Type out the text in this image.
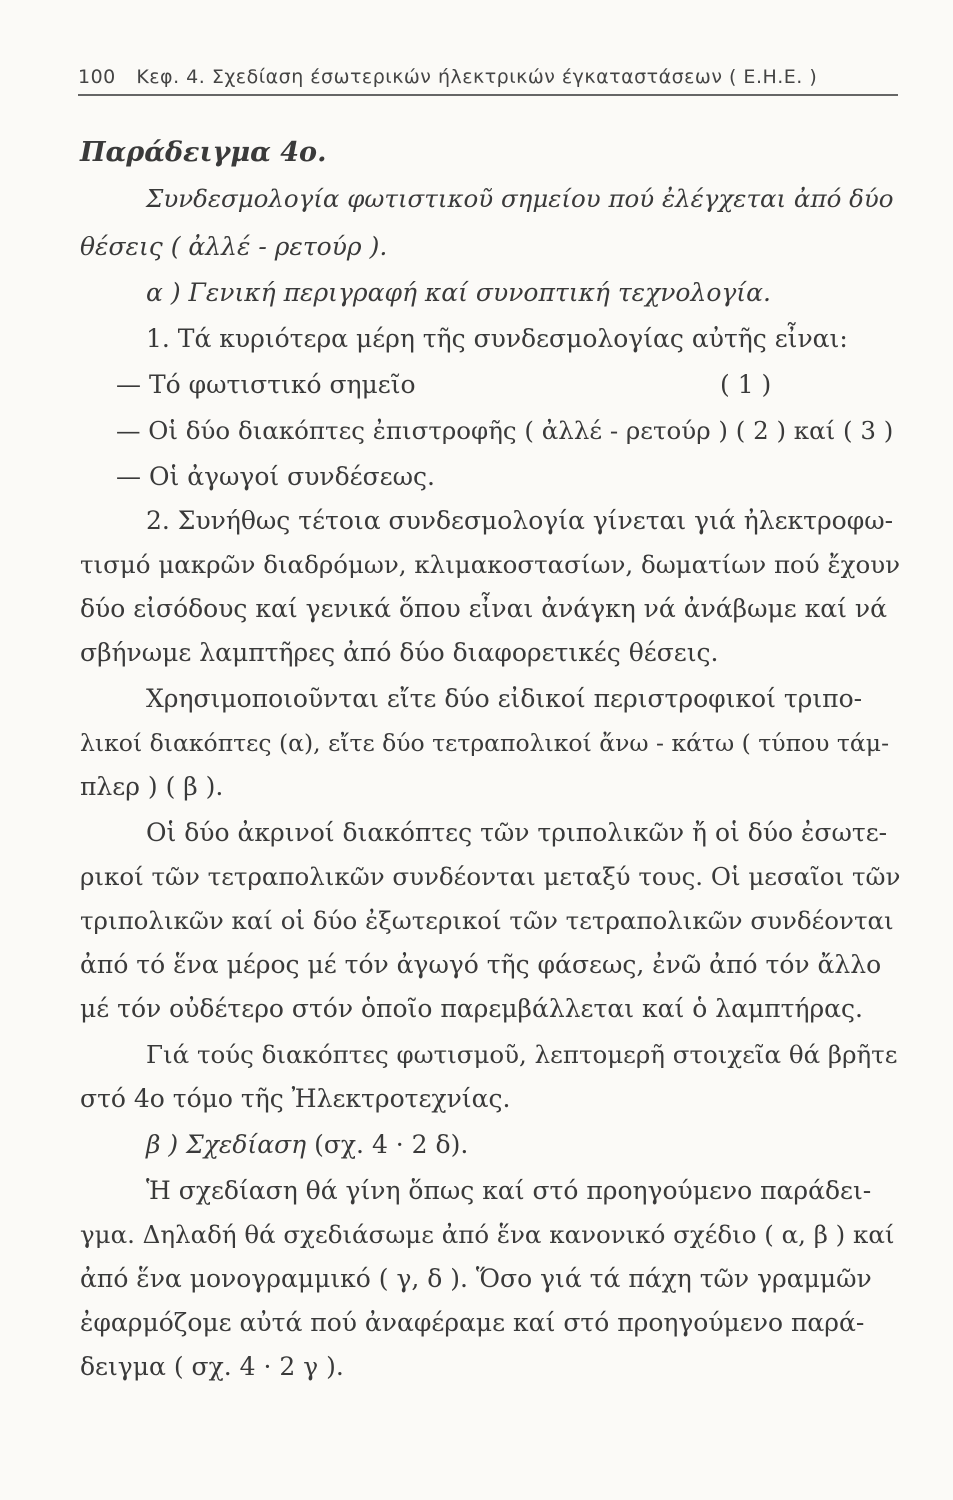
100 Κεφ. 4. Σχεδίαση έσωτερικών ήλεκτρικών έγκαταστάσεων ( Ε.Η.Ε. )
Παράδειγμα 4ο.
Συνδεσμολογία φωτιστικοῦ σημείου πού ἐλέγχεται ἀπό δύο
θέσεις ( ἀλλέ - ρετούρ ).
α ) Γενική περιγραφή καί συνοπτική τεχνολογία.
1. Τά κυριότερα μέρη τῆς συνδεσμολογίας αὐτῆς εἶναι:
— Τό φωτιστικό σημεῖο	( 1 )
— Οἱ δύο διακόπτες ἐπιστροφῆς ( ἀλλέ - ρετούρ ) ( 2 ) καί ( 3 )
— Οἱ ἀγωγοί συνδέσεως.
2. Συνήθως τέτοια συνδεσμολογία γίνεται γιά ἠλεκτροφω-
τισμό μακρῶν διαδρόμων, κλιμακοστασίων, δωματίων πού ἔχουν
δύο εἰσόδους καί γενικά ὅπου εἶναι ἀνάγκη νά ἀνάβωμε καί νά
σβήνωμε λαμπτῆρες ἀπό δύο διαφορετικές θέσεις.
Χρησιμοποιοῦνται εἴτε δύο εἰδικοί περιστροφικοί τριπο-
λικοί διακόπτες (α), εἴτε δύο τετραπολικοί ἄνω - κάτω ( τύπου τάμ-
πλερ ) ( β ).
Οἱ δύο ἀκρινοί διακόπτες τῶν τριπολικῶν ἤ οἱ δύο ἐσωτε-
ρικοί τῶν τετραπολικῶν συνδέονται μεταξύ τους. Οἱ μεσαῖοι τῶν
τριπολικῶν καί οἱ δύο ἐξωτερικοί τῶν τετραπολικῶν συνδέονται
ἀπό τό ἕνα μέρος μέ τόν ἀγωγό τῆς φάσεως, ἐνῶ ἀπό τόν ἄλλο
μέ τόν οὐδέτερο στόν ὁποῖο παρεμβάλλεται καί ὁ λαμπτήρας.
Γιά τούς διακόπτες φωτισμοῦ, λεπτομερῆ στοιχεῖα θά βρῆτε
στό 4ο τόμο τῆς Ἠλεκτροτεχνίας.
β ) Σχεδίαση (σχ. 4 · 2 δ).
Ἡ σχεδίαση θά γίνη ὅπως καί στό προηγούμενο παράδει-
γμα. Δηλαδή θά σχεδιάσωμε ἀπό ἕνα κανονικό σχέδιο ( α, β ) καί
ἀπό ἕνα μονογραμμικό ( γ, δ ). Ὅσο γιά τά πάχη τῶν γραμμῶν
ἐφαρμόζομε αὐτά πού ἀναφέραμε καί στό προηγούμενο παρά-
δειγμα ( σχ. 4 · 2 γ ).
